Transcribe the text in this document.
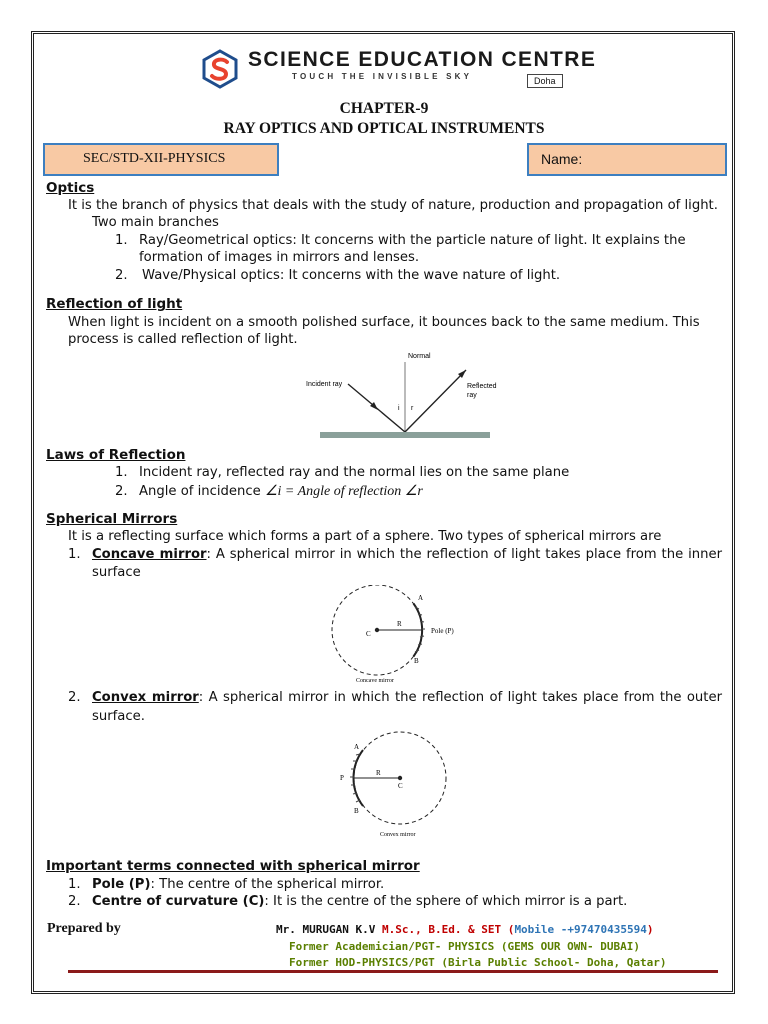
SCIENCE EDUCATION CENTRE
TOUCH THE INVISIBLE SKY	Doha
CHAPTER-9
RAY OPTICS AND OPTICAL INSTRUMENTS
SEC/STD-XII-PHYSICS	Name:
Optics
It is the branch of physics that deals with the study of nature, production and propagation of light.
Two main branches
1. Ray/Geometrical optics: It concerns with the particle nature of light. It explains the
formation of images in mirrors and lenses.
2. Wave/Physical optics: It concerns with the wave nature of light.
Reflection of light
When light is incident on a smooth polished surface, it bounces back to the same medium. This
process is called reflection of light.
Normal
Incident ray	Reflected
ray
i r
Laws of Reflection
1. Incident ray, reflected ray and the normal lies on the same plane
2. Angle of incidence ∠i = Angle of reflection ∠r
Spherical Mirrors
It is a reflecting surface which forms a part of a sphere. Two types of spherical mirrors are
1. Concave mirror: A spherical mirror in which the reflection of light takes place from the inner
surface
C
R
Pole (P)
A
B
Concave mirror
2. Convex mirror: A spherical mirror in which the reflection of light takes place from the outer
surface.
R
C
P
A
B
Convex mirror
Important terms connected with spherical mirror
1. Pole (P): The centre of the spherical mirror.
2. Centre of curvature (C): It is the centre of the sphere of which mirror is a part.
Prepared by	Mr. MURUGAN K.V M.Sc., B.Ed. & SET (Mobile -+97470435594)
Former Academician/PGT- PHYSICS (GEMS OUR OWN- DUBAI)
Former HOD-PHYSICS/PGT (Birla Public School- Doha, Qatar)
